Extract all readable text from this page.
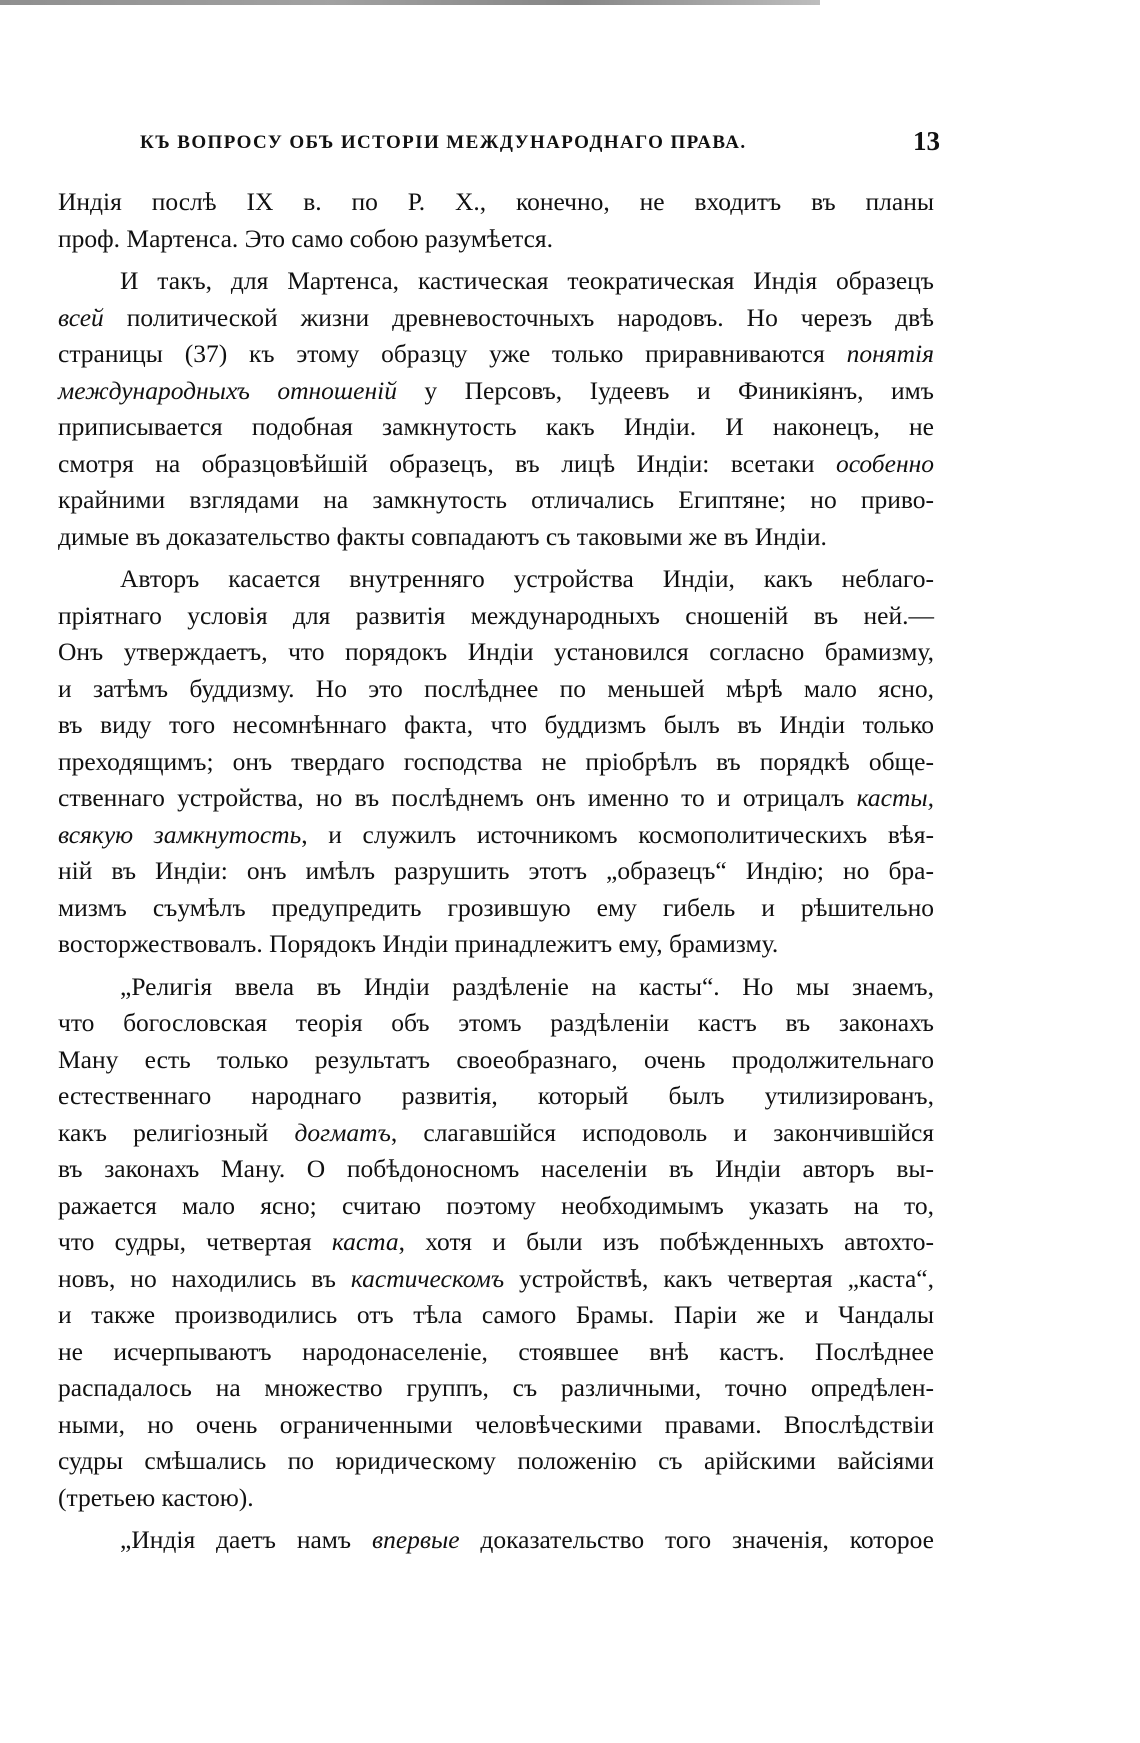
КЪ ВОПРОСУ ОБЪ ИСТОРІИ МЕЖДУНАРОДНАГО ПРАВА.	13
Индія послѣ IX в. по Р. Х., конечно, не входитъ въ планы
проф. Мартенса. Это само собою разумѣется.
И такъ, для Мартенса, кастическая теократическая Индія образецъ
всей политической жизни древневосточныхъ народовъ. Но черезъ двѣ
страницы (37) къ этому образцу уже только приравниваются понятія
международныхъ отношеній у Персовъ, Іудеевъ и Финикіянъ, имъ
приписывается подобная замкнутость какъ Индіи. И наконецъ, не
смотря на образцовѣйшій образецъ, въ лицѣ Индіи: всетаки особенно
крайними взглядами на замкнутость отличались Египтяне; но приво-
димые въ доказательство факты совпадаютъ съ таковыми же въ Индіи.
Авторъ касается внутренняго устройства Индіи, какъ неблаго-
пріятнаго условія для развитія международныхъ сношеній въ ней.—
Онъ утверждаетъ, что порядокъ Индіи установился согласно брамизму,
и затѣмъ буддизму. Но это послѣднее по меньшей мѣрѣ мало ясно,
въ виду того несомнѣннаго факта, что буддизмъ былъ въ Индіи только
преходящимъ; онъ твердаго господства не пріобрѣлъ въ порядкѣ обще-
ственнаго устройства, но въ послѣднемъ онъ именно то и отрицалъ касты,
всякую замкнутость, и служилъ источникомъ космополитическихъ вѣя-
ній въ Индіи: онъ имѣлъ разрушить этотъ „образецъ“ Индію; но бра-
мизмъ съумѣлъ предупредить грозившую ему гибель и рѣшительно
восторжествовалъ. Порядокъ Индіи принадлежитъ ему, брамизму.
„Религія ввела въ Индіи раздѣленіе на касты“. Но мы знаемъ,
что богословская теорія объ этомъ раздѣленіи кастъ въ законахъ
Ману есть только результатъ своеобразнаго, очень продолжительнаго
естественнаго народнаго развитія, который былъ утилизированъ,
какъ религіозный догматъ, слагавшійся исподоволь и закончившійся
въ законахъ Ману. О побѣдоносномъ населеніи въ Индіи авторъ вы-
ражается мало ясно; считаю поэтому необходимымъ указать на то,
что судры, четвертая каста, хотя и были изъ побѣжденныхъ автохто-
новъ, но находились въ кастическомъ устройствѣ, какъ четвертая „каста“,
и также производились отъ тѣла самого Брамы. Паріи же и Чандалы
не исчерпываютъ народонаселеніе, стоявшее внѣ кастъ. Послѣднее
распадалось на множество группъ, съ различными, точно опредѣлен-
ными, но очень ограниченными человѣческими правами. Впослѣдствіи
судры смѣшались по юридическому положенію съ арійскими вайсіями
(третьею кастою).
„Индія даетъ намъ впервые доказательство того значенія, которое
